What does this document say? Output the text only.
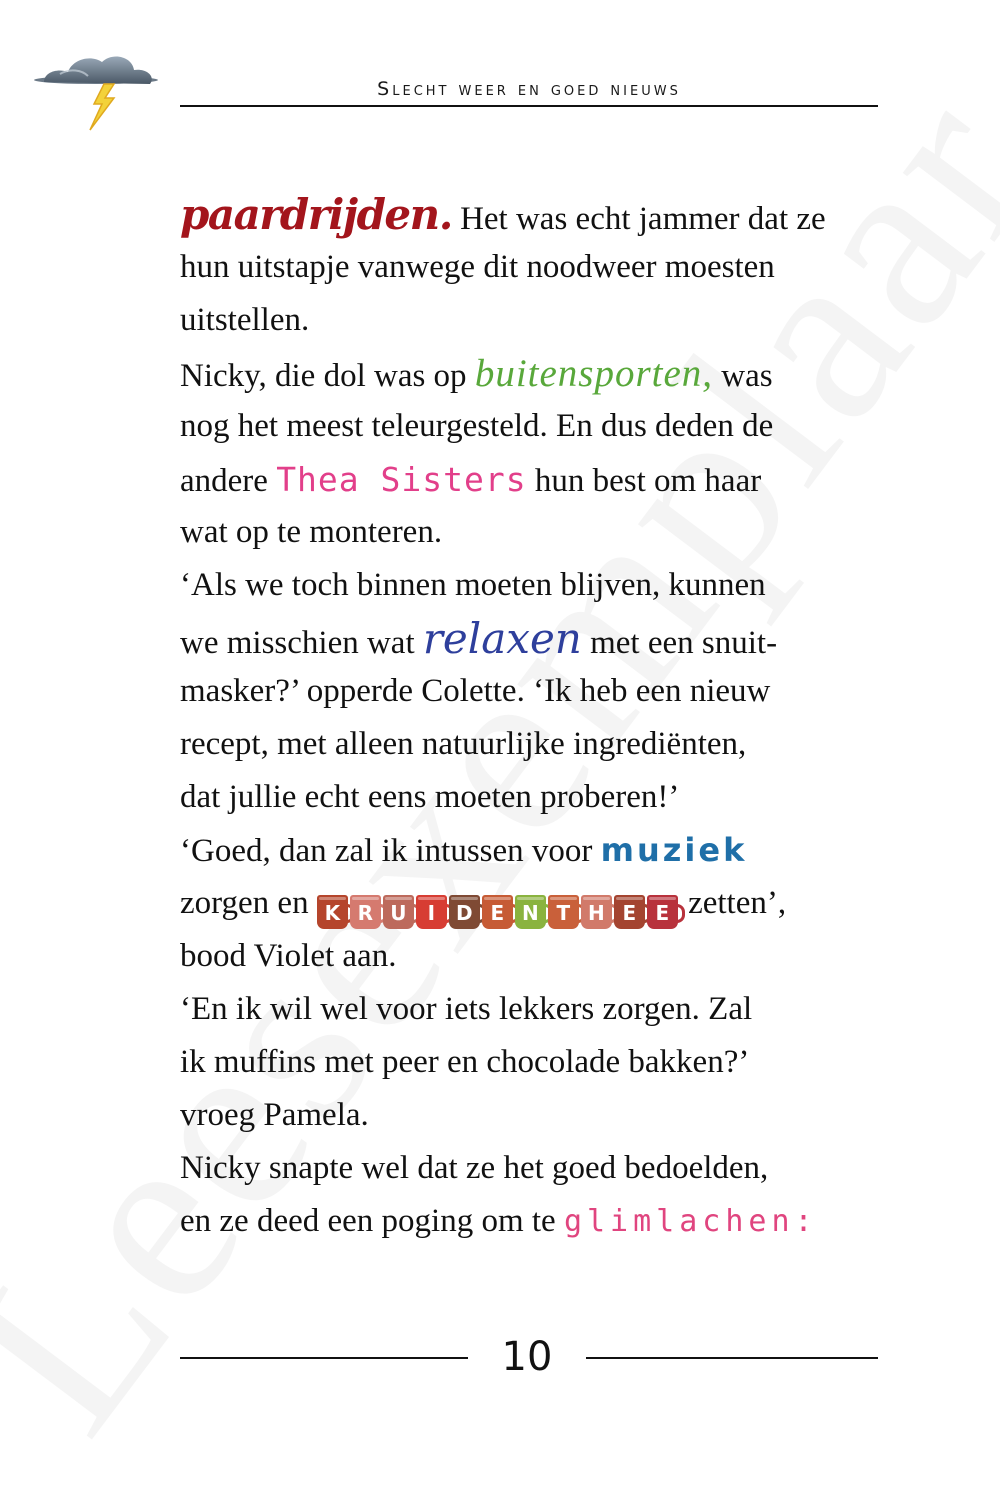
Slecht weer en goed nieuws
paardrijden. Het was echt jammer dat ze
hun uitstapje vanwege dit noodweer moesten
uitstellen.
Nicky, die dol was op buitensporten, was
nog het meest teleurgesteld. En dus deden de
andere Thea Sisters hun best om haar
wat op te monteren.
‘Als we toch binnen moeten blijven, kunnen
we misschien wat relaxen met een snuit-
masker?’ opperde Colette. ‘Ik heb een nieuw
recept, met alleen natuurlijke ingrediënten,
dat jullie echt eens moeten proberen!’
‘Goed, dan zal ik intussen voor muziek
zorgen en K R U I D E N T H E E zetten’,
bood Violet aan.
‘En ik wil wel voor iets lekkers zorgen. Zal
ik muffins met peer en chocolade bakken?’
vroeg Pamela.
Nicky snapte wel dat ze het goed bedoelden,
en ze deed een poging om te glimlachen:
10
